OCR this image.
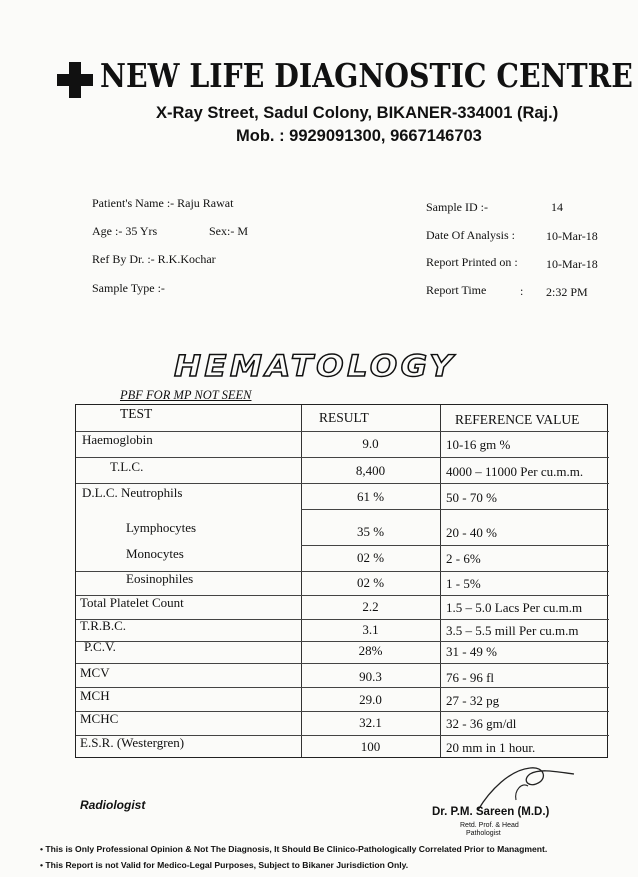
NEW LIFE DIAGNOSTIC CENTRE
X-Ray Street, Sadul Colony, BIKANER-334001 (Raj.)
Mob. : 9929091300, 9667146703
Patient's Name :- Raju Rawat
Age :- 35 Yrs	Sex:- M
Ref By Dr. :- R.K.Kochar
Sample Type :-
Sample ID :-	14
Date Of Analysis :	10-Mar-18
Report Printed on : 10-Mar-18
Report Time	: 2:32 PM
HEMATOLOGY
PBF FOR MP NOT SEEN
TEST	RESULT	REFERENCE VALUE
Haemoglobin	9.0	10-16 gm %
T.L.C.	8,400	4000 – 11000 Per cu.m.m.
D.L.C. Neutrophils	61 %	50 - 70 %
Lymphocytes	35 %	20 - 40 %
Monocytes	02 %	2 - 6%
Eosinophiles	02 %	1 - 5%
Total Platelet Count	2.2	1.5 – 5.0 Lacs Per cu.m.m
T.R.B.C.	3.1	3.5 – 5.5 mill Per cu.m.m
P.C.V.	28%	31 - 49 %
MCV	90.3	76 - 96 fl
MCH	29.0	27 - 32 pg
MCHC	32.1	32 - 36 gm/dl
E.S.R. (Westergren)	100	20 mm in 1 hour.
Radiologist	Dr. P.M. Sareen (M.D.)
Retd. Prof. & Head
Pathologist
• This is Only Professional Opinion & Not The Diagnosis, It Should Be Clinico-Pathologically Correlated Prior to Managment.
• This Report is not Valid for Medico-Legal Purposes, Subject to Bikaner Jurisdiction Only.
